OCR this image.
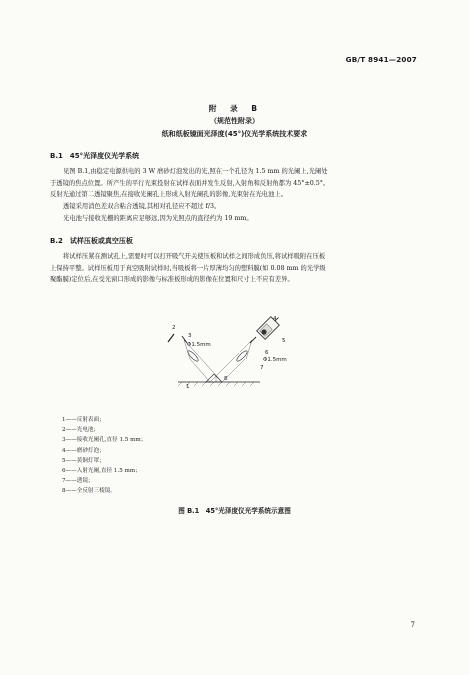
GB/T 8941—2007
附　录　B
（规范性附录）
纸和纸板镜面光泽度(45°)仪光学系统技术要求
B.1　45°光泽度仪光学系统
见图 B.1,由稳定电源供电的 3 W 磨砂灯泡发出的光,照在一个孔径为 1.5 mm 的光阑上,光阑处
于透镜的焦点位置。所产生的平行光束投射在试样表面并发生反射,入射角和反射角都为 45°±0.5°。
反射光通过第二透镜聚焦,在接收光阑孔上形成入射光阑孔的影像,光束射在光电池上。
透镜采用消色差双合粘合透镜,其相对孔径应不超过 f/3。
光电池与接收光栅的距离应足够远,因为光照点的直径约为 19 mm。
B.2　试样压板或真空压板
将试样压紧在测试孔上,需要时可以打开吸气开关使压板和试样之间形成负压,将试样吸附在压板
上保持平整。试样压板用于真空吸附试样时,当吸板将一片厚薄均匀的塑料膜(如 0.08 mm 的光学级
聚酯膜)定位后,在受光窗口形成的影像与标准板形成的影像在位置和尺寸上不应有差异。
2
3
Φ1.5mm
4
5
6
Φ1.5mm
7
8
1
1——反射表面；
2——光电池；
3——接收光阑孔,直径 1.5 mm；
4——磨砂灯泡；
5——黄铜灯罩；
6——入射光阑,直径 1.5 mm；
7——透镜；
8——全反射三棱镜。
图 B.1　45°光泽度仪光学系统示意图
7
